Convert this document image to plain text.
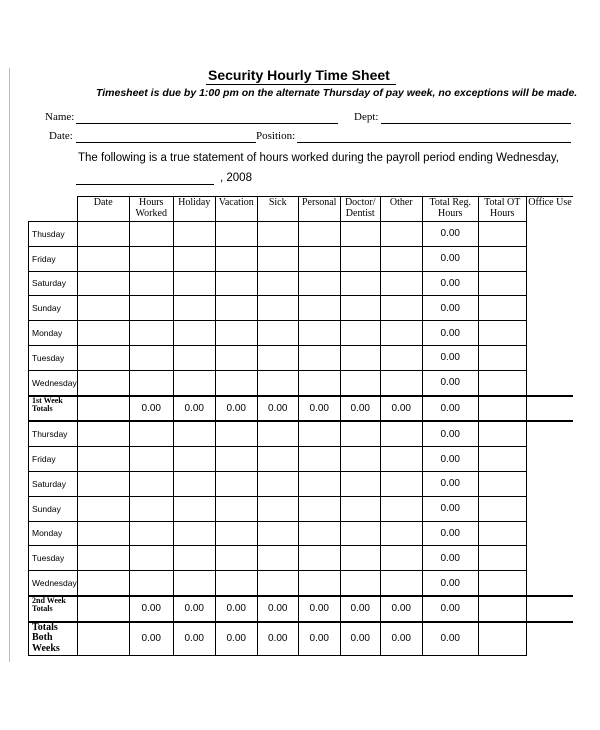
Security Hourly Time Sheet
Timesheet is due by 1:00 pm on the alternate Thursday of pay week, no exceptions will be made.
Name:	Dept:
Date:	Position:
The following is a true statement of hours worked during the payroll period ending Wednesday,
, 2008
	Date	Hours Worked	Holiday	Vacation	Sick	Personal	Doctor/ Dentist	Other	Total Reg. Hours	Total OT Hours	Office Use
Thusday									0.00		
Friday									0.00		
Saturday									0.00		
Sunday									0.00		
Monday									0.00		
Tuesday									0.00		
Wednesday									0.00		
1st Week Totals		0.00	0.00	0.00	0.00	0.00	0.00	0.00	0.00		
Thursday									0.00		
Friday									0.00		
Saturday									0.00		
Sunday									0.00		
Monday									0.00		
Tuesday									0.00		
Wednesday									0.00		
2nd Week Totals		0.00	0.00	0.00	0.00	0.00	0.00	0.00	0.00		
Totals Both Weeks		0.00	0.00	0.00	0.00	0.00	0.00	0.00	0.00		
